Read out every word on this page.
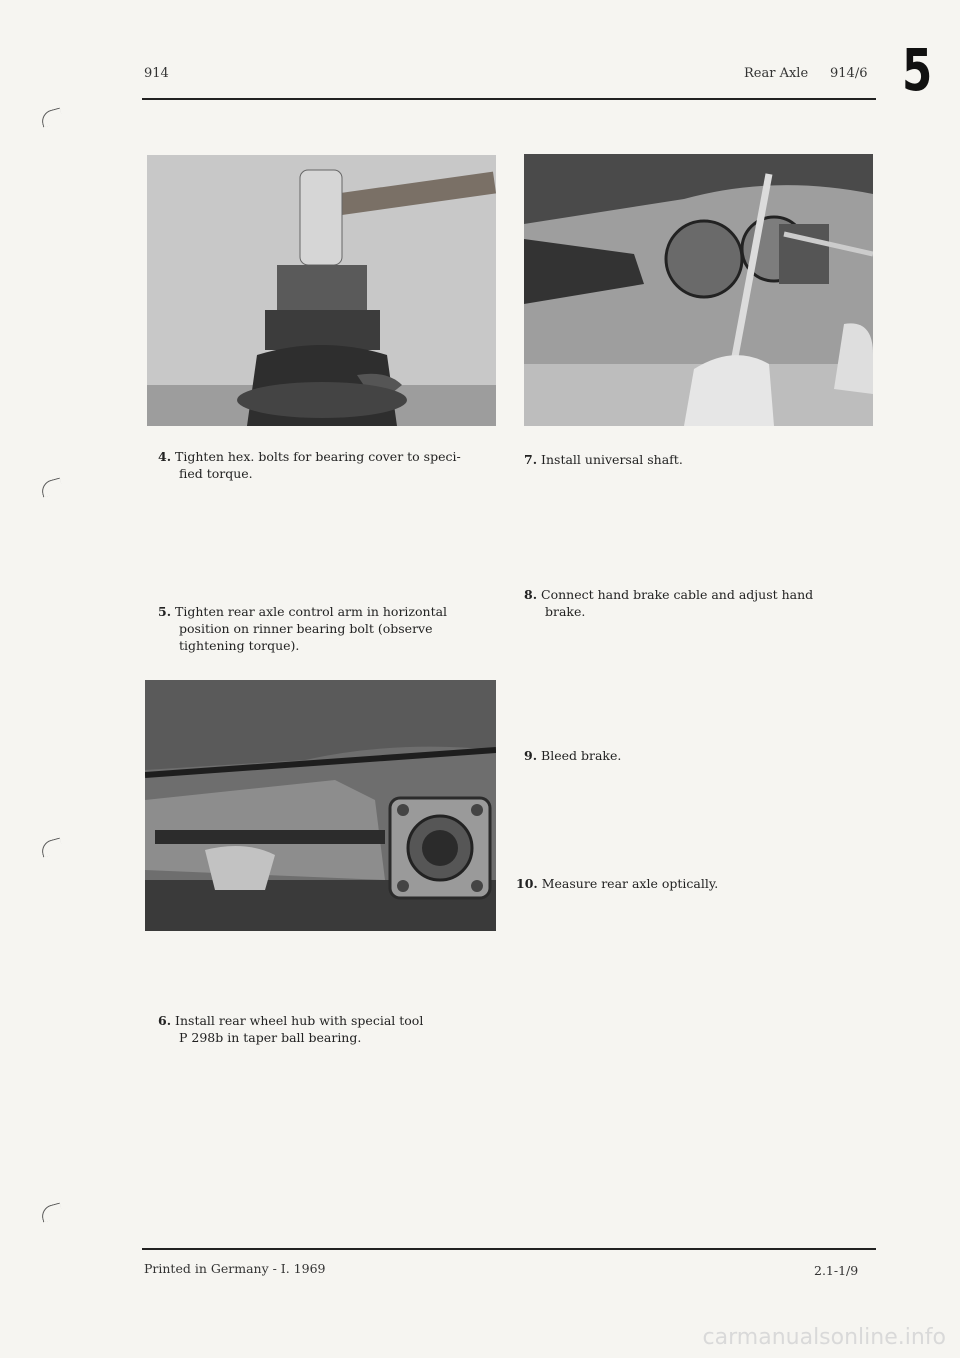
914	Rear Axle 914/6 5
4. Tighten hex. bolts for bearing cover to speci-
fied torque.
5. Tighten rear axle control arm in horizontal
position on rinner bearing bolt (observe
tightening torque).
6. Install rear wheel hub with special tool
P 298b in taper ball bearing.
7. Install universal shaft.
8. Connect hand brake cable and adjust hand
brake.
9. Bleed brake.
10. Measure rear axle optically.
Printed in Germany - I. 1969	2.1-1/9
carmanualsonline.info
